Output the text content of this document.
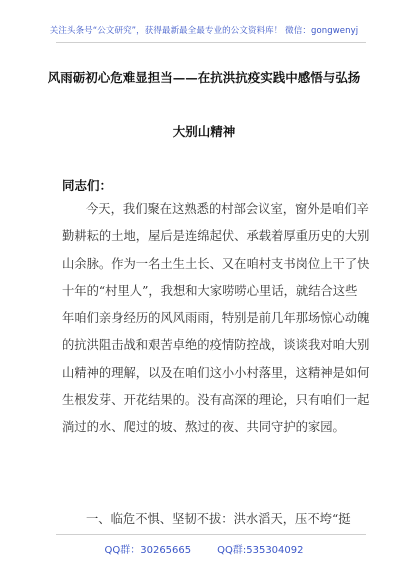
关注头条号“公文研究”，获得最新最全最专业的公文资料库！ 微信：gongwenyj
风雨砺初心危难显担当——在抗洪抗疫实践中感悟与弘扬
大别山精神
同志们：
今天，我们聚在这熟悉的村部会议室，窗外是咱们辛
勤耕耘的土地，屋后是连绵起伏、承载着厚重历史的大别
山余脉。作为一名土生土长、又在咱村支书岗位上干了快
十年的“村里人”，我想和大家唠唠心里话，就结合这些
年咱们亲身经历的风风雨雨，特别是前几年那场惊心动魄
的抗洪阻击战和艰苦卓绝的疫情防控战，谈谈我对咱大别
山精神的理解，以及在咱们这小小村落里，这精神是如何
生根发芽、开花结果的。没有高深的理论，只有咱们一起
淌过的水、爬过的坡、熬过的夜、共同守护的家园。
一、临危不惧、坚韧不拔：洪水滔天，压不垮“挺
QQ群：30265665	QQ群:535304092
